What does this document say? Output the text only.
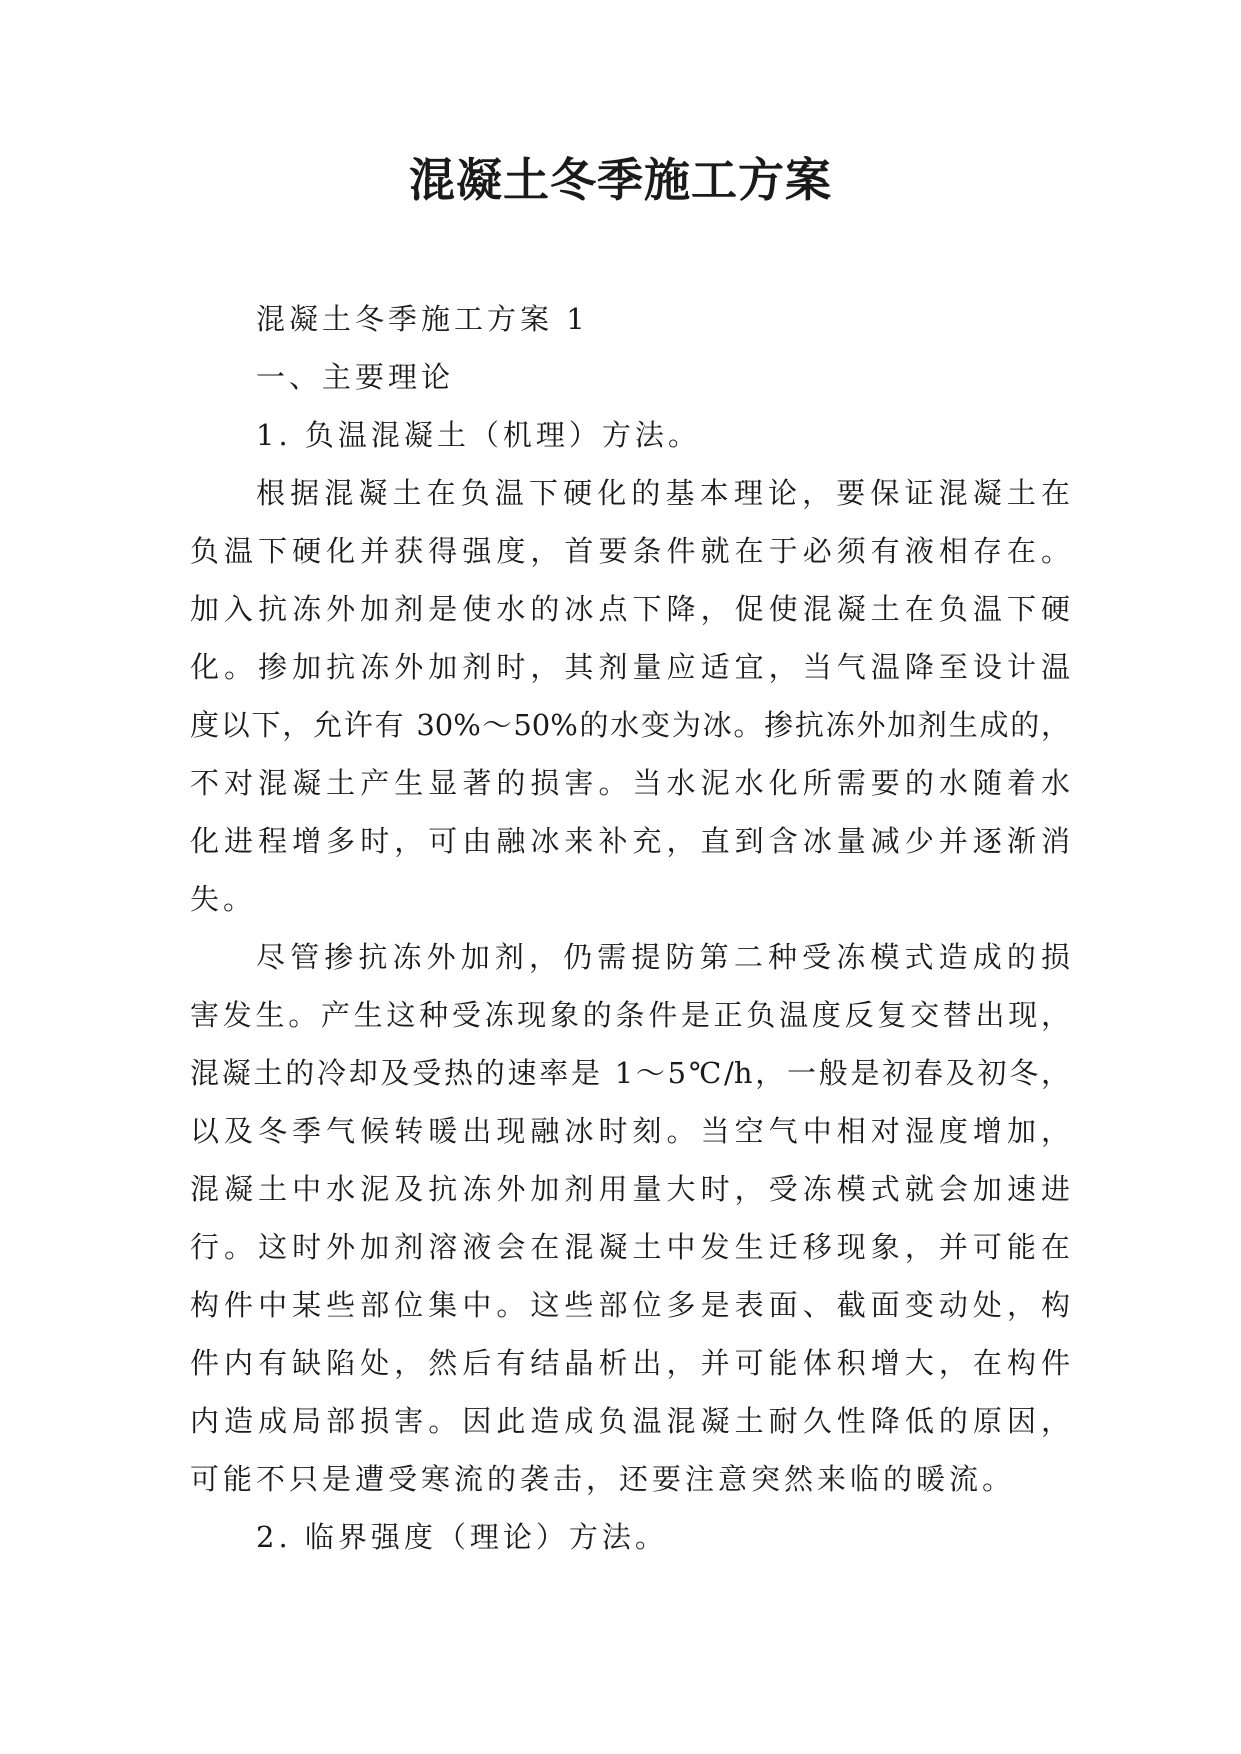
混凝土冬季施工方案
混凝土冬季施工方案 1
一、主要理论
1. 负温混凝土（机理）方法。
根据混凝土在负温下硬化的基本理论，要保证混凝土在
负温下硬化并获得强度，首要条件就在于必须有液相存在。
加入抗冻外加剂是使水的冰点下降，促使混凝土在负温下硬
化。掺加抗冻外加剂时，其剂量应适宜，当气温降至设计温
度以下，允许有 30%～50%的水变为冰。掺抗冻外加剂生成的，
不对混凝土产生显著的损害。当水泥水化所需要的水随着水
化进程增多时，可由融冰来补充，直到含冰量减少并逐渐消
失。
尽管掺抗冻外加剂，仍需提防第二种受冻模式造成的损
害发生。产生这种受冻现象的条件是正负温度反复交替出现，
混凝土的冷却及受热的速率是 1～5℃/h，一般是初春及初冬，
以及冬季气候转暖出现融冰时刻。当空气中相对湿度增加，
混凝土中水泥及抗冻外加剂用量大时，受冻模式就会加速进
行。这时外加剂溶液会在混凝土中发生迁移现象，并可能在
构件中某些部位集中。这些部位多是表面、截面变动处，构
件内有缺陷处，然后有结晶析出，并可能体积增大，在构件
内造成局部损害。因此造成负温混凝土耐久性降低的原因，
可能不只是遭受寒流的袭击，还要注意突然来临的暖流。
2. 临界强度（理论）方法。
